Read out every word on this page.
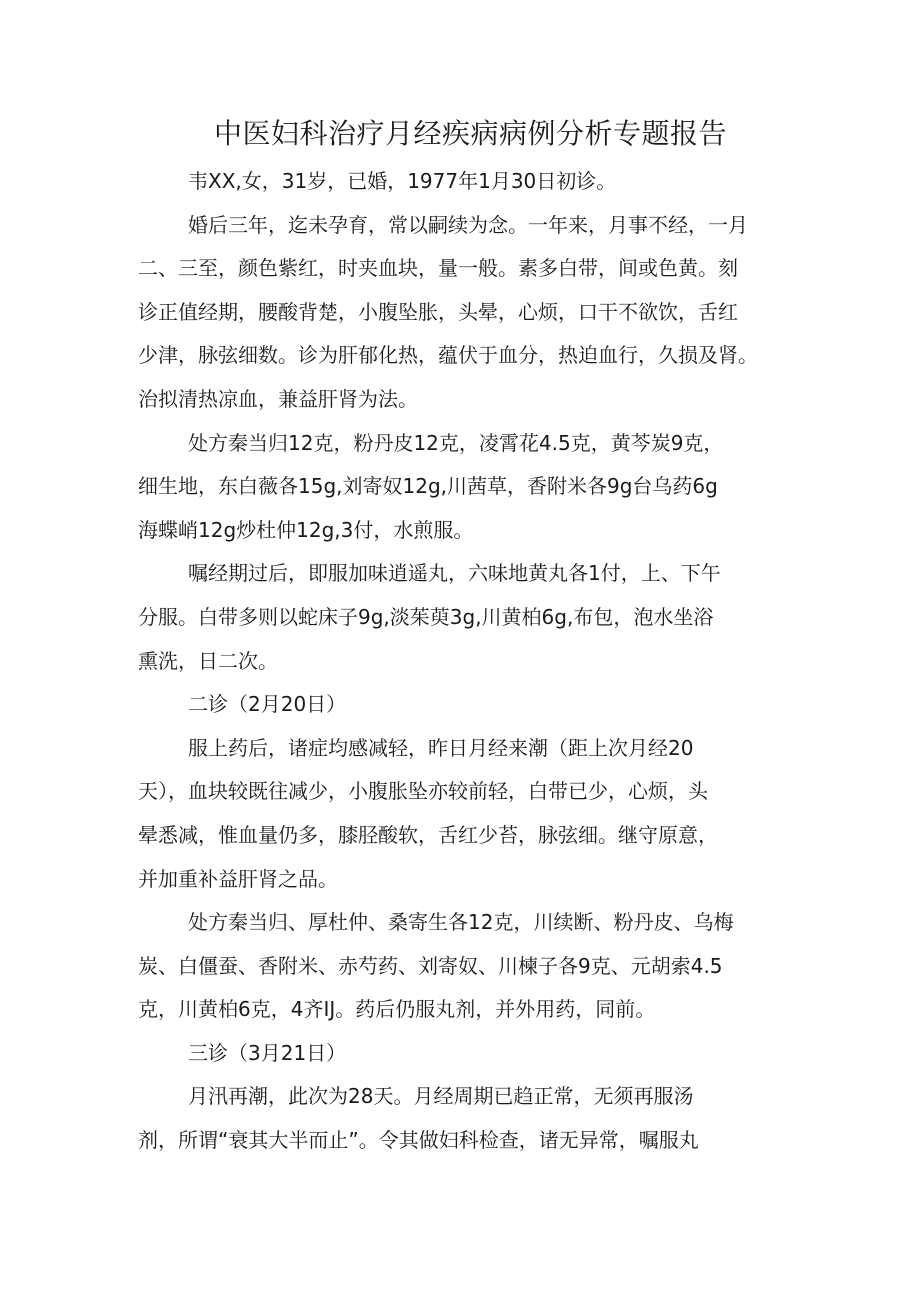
中医妇科治疗月经疾病病例分析专题报告
韦XX,女，31岁，已婚，1977年1月30日初诊。
婚后三年，迄未孕育，常以嗣续为念。一年来，月事不经，一月
二、三至，颜色紫红，时夹血块，量一般。素多白带，间或色黄。刻
诊正值经期，腰酸背楚，小腹坠胀，头晕，心烦，口干不欲饮，舌红
少津，脉弦细数。诊为肝郁化热，蕴伏于血分，热迫血行，久损及肾。
治拟清热凉血，兼益肝肾为法。
处方秦当归12克，粉丹皮12克，凌霄花4.5克，黄芩炭9克，
细生地，东白薇各15g,刘寄奴12g,川茜草，香附米各9g台乌药6g
海蝶峭12g炒杜仲12g,3付，水煎服。
嘱经期过后，即服加味逍遥丸，六味地黄丸各1付，上、下午
分服。白带多则以蛇床子9g,淡茱萸3g,川黄柏6g,布包，泡水坐浴
熏洗，日二次。
二诊（2月20日）
服上药后，诸症均感减轻，昨日月经来潮（距上次月经20
天），血块较既往减少，小腹胀坠亦较前轻，白带已少，心烦，头
晕悉减，惟血量仍多，膝胫酸软，舌红少苔，脉弦细。继守原意，
并加重补益肝肾之品。
处方秦当归、厚杜仲、桑寄生各12克，川续断、粉丹皮、乌梅
炭、白僵蚕、香附米、赤芍药、刘寄奴、川楝子各9克、元胡索4.5
克，川黄柏6克，4齐IJ。药后仍服丸剂，并外用药，同前。
三诊（3月21日）
月汛再潮，此次为28天。月经周期已趋正常，无须再服汤
剂，所谓“衰其大半而止”。令其做妇科检查，诸无异常，嘱服丸
